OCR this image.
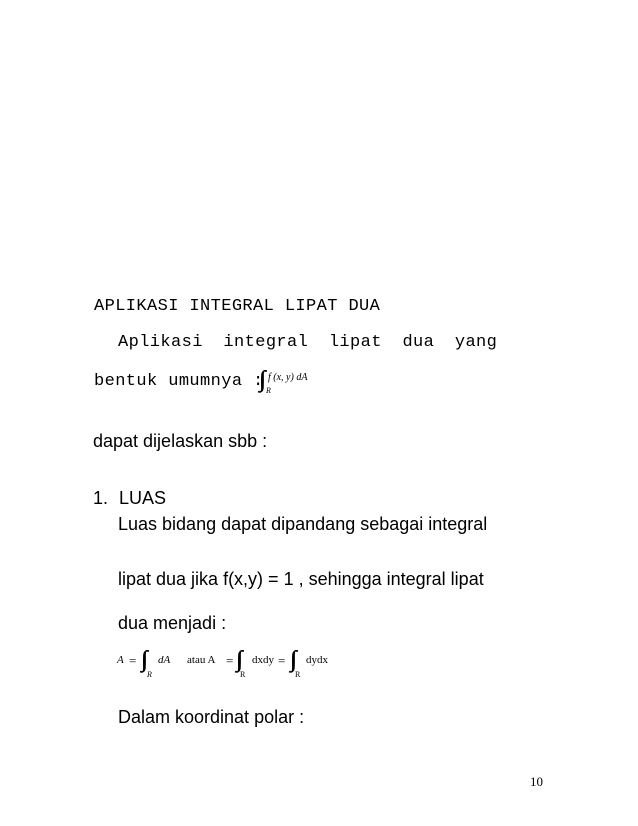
APLIKASI INTEGRAL LIPAT DUA
Aplikasi integral lipat dua yang
bentuk umumnya : $^{f (x, y) dA}$
R
dapat dijelaskan sbb :
1. LUAS
Luas bidang dapat dipandang sebagai integral
lipat dua jika f(x,y) = 1 , sehingga integral lipat
dua menjadi :
A = dA
R
atau A = dxdy
R
= dydx
R
Dalam koordinat polar :
10
